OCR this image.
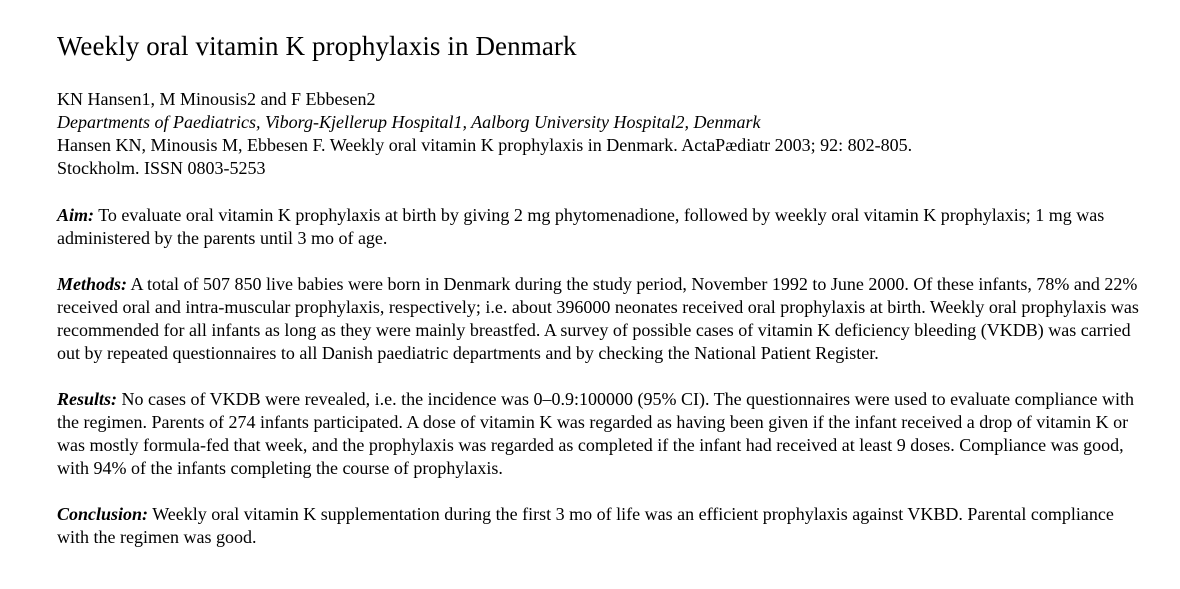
Weekly oral vitamin K prophylaxis in Denmark
KN Hansen1, M Minousis2 and F Ebbesen2
Departments of Paediatrics, Viborg-Kjellerup Hospital1, Aalborg University Hospital2, Denmark
Hansen KN, Minousis M, Ebbesen F. Weekly oral vitamin K prophylaxis in Denmark. ActaPædiatr 2003; 92: 802-805.
Stockholm. ISSN 0803-5253

Aim: To evaluate oral vitamin K prophylaxis at birth by giving 2 mg phytomenadione, followed by weekly oral vitamin K prophylaxis; 1 mg was administered by the parents until 3 mo of age.

Methods: A total of 507 850 live babies were born in Denmark during the study period, November 1992 to June 2000. Of these infants, 78% and 22% received oral and intra-muscular prophylaxis, respectively; i.e. about 396000 neonates received oral prophylaxis at birth. Weekly oral prophylaxis was recommended for all infants as long as they were mainly breastfed. A survey of possible cases of vitamin K deficiency bleeding (VKDB) was carried out by repeated questionnaires to all Danish paediatric departments and by checking the National Patient Register.

Results: No cases of VKDB were revealed, i.e. the incidence was 0–0.9:100000 (95% CI). The questionnaires were used to evaluate compliance with the regimen. Parents of 274 infants participated. A dose of vitamin K was regarded as having been given if the infant received a drop of vitamin K or was mostly formula-fed that week, and the prophylaxis was regarded as completed if the infant had received at least 9 doses. Compliance was good, with 94% of the infants completing the course of prophylaxis.

Conclusion: Weekly oral vitamin K supplementation during the first 3 mo of life was an efficient prophylaxis against VKBD. Parental compliance with the regimen was good.
